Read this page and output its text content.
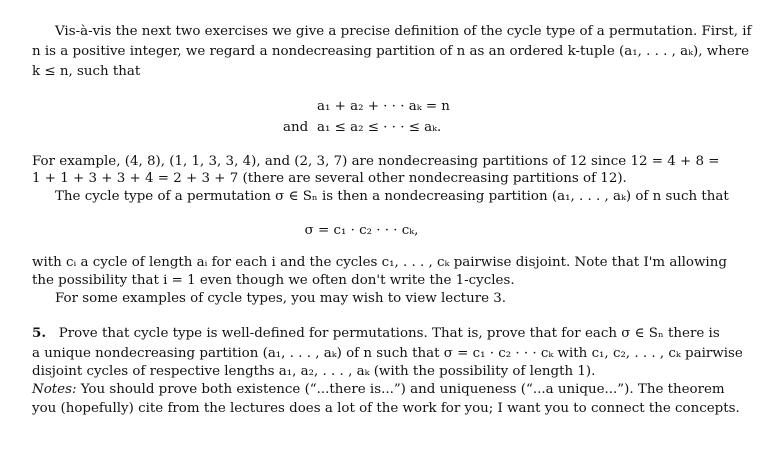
Vis-à-vis the next two exercises we give a precise definition of the cycle type of a permutation. First, if
n is a positive integer, we regard a nondecreasing partition of n as an ordered k-tuple (a₁, . . . , aₖ), where
k ≤ n, such that
a₁ + a₂ + · · · aₖ = n
and a₁ ≤ a₂ ≤ · · · ≤ aₖ.
For example, (4, 8), (1, 1, 3, 3, 4), and (2, 3, 7) are nondecreasing partitions of 12 since 12 = 4 + 8 =
1 + 1 + 3 + 3 + 4 = 2 + 3 + 7 (there are several other nondecreasing partitions of 12).
The cycle type of a permutation σ ∈ Sₙ is then a nondecreasing partition (a₁, . . . , aₖ) of n such that
σ = c₁ · c₂ · · · cₖ,
with cᵢ a cycle of length aᵢ for each i and the cycles c₁, . . . , cₖ pairwise disjoint. Note that I'm allowing
the possibility that i = 1 even though we often don't write the 1-cycles.
For some examples of cycle types, you may wish to view lecture 3.
5. Prove that cycle type is well-defined for permutations. That is, prove that for each σ ∈ Sₙ there is
a unique nondecreasing partition (a₁, . . . , aₖ) of n such that σ = c₁ · c₂ · · · cₖ with c₁, c₂, . . . , cₖ pairwise
disjoint cycles of respective lengths a₁, a₂, . . . , aₖ (with the possibility of length 1).
Notes: You should prove both existence (“...there is...”) and uniqueness (“...a unique...”). The theorem
you (hopefully) cite from the lectures does a lot of the work for you; I want you to connect the concepts.
